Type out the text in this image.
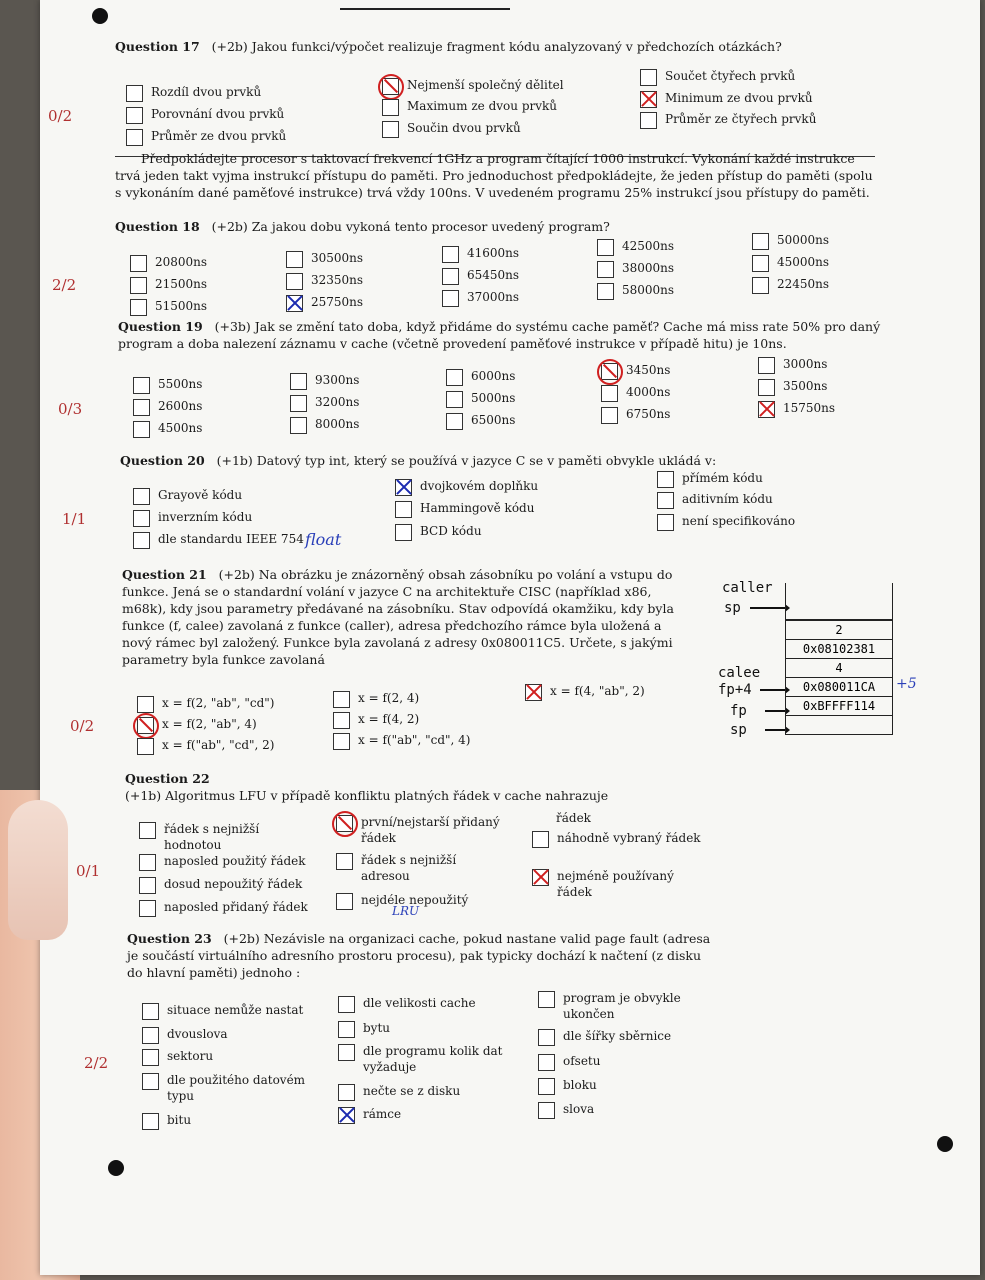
Question 17 (+2b) Jakou funkci/výpočet realizuje fragment kódu analyzovaný v předchozích otázkách?
0/2
Rozdíl dvou prvků
Porovnání dvou prvků
Průměr ze dvou prvků
Nejmenší společný dělitel
Maximum ze dvou prvků
Součin dvou prvků
Součet čtyřech prvků
Minimum ze dvou prvků
Průměr ze čtyřech prvků
Předpokládejte procesor s taktovací frekvencí 1GHz a program čítající 1000 instrukcí. Vykonání každé instrukce trvá jeden takt vyjma instrukcí přístupu do paměti. Pro jednoduchost předpokládejte, že jeden přístup do paměti (spolu s vykonáním dané paměťové instrukce) trvá vždy 100ns. V uvedeném programu 25% instrukcí jsou přístupy do paměti.
Question 18 (+2b) Za jakou dobu vykoná tento procesor uvedený program?
2/2
20800ns
21500ns
51500ns
30500ns
32350ns
25750ns
41600ns
65450ns
37000ns
42500ns
38000ns
58000ns
50000ns
45000ns
22450ns
Question 19 (+3b) Jak se změní tato doba, když přidáme do systému cache paměť? Cache má miss rate 50% pro daný program a doba nalezení záznamu v cache (včetně provedení paměťové instrukce v případě hitu) je 10ns.
0/3
5500ns
2600ns
4500ns
9300ns
3200ns
8000ns
6000ns
5000ns
6500ns
3450ns
4000ns
6750ns
3000ns
3500ns
15750ns
Question 20 (+1b) Datový typ int, který se používá v jazyce C se v paměti obvykle ukládá v:
1/1
Grayově kódu
inverzním kódu
dle standardu IEEE 754
dvojkovém doplňku
Hammingově kódu
BCD kódu
přímém kódu
aditivním kódu
není specifikováno
float
Question 21 (+2b) Na obrázku je znázorněný obsah zásobníku po volání a vstupu do funkce. Jená se o standardní volání v jazyce C na architektuře CISC (například x86, m68k), kdy jsou parametry předávané na zásobníku. Stav odpovídá okamžiku, kdy byla funkce (f, calee) zavolaná z funkce (caller), adresa předchozího rámce byla uložená a nový rámec byl založený. Funkce byla zavolaná z adresy 0x080011C5. Určete, s jakými parametry byla funkce zavolaná
0/2
x = f(2, "ab", "cd")
x = f(2, "ab", 4)
x = f("ab", "cd", 2)
x = f(2, 4)
x = f(4, 2)
x = f("ab", "cd", 4)
x = f(4, "ab", 2)
caller
sp
calee
fp+4
fp
sp
2
0x08102381
4
0x080011CA
0xBFFFF114
+5
Question 22
(+1b) Algoritmus LFU v případě konfliktu platných řádek v cache nahrazuje
0/1
řádek s nejnižší hodnotou
naposled použitý řádek
dosud nepoužitý řádek
naposled přidaný řádek
první/nejstarší přidaný řádek
řádek s nejnižší adresou
nejdéle nepoužitý
řádek
náhodně vybraný řádek
nejméně používaný řádek
LRU
Question 23 (+2b) Nezávisle na organizaci cache, pokud nastane valid page fault (adresa je součástí virtuálního adresního prostoru procesu), pak typicky dochází k načtení (z disku do hlavní paměti) jednoho :
2/2
situace nemůže nastat
dvouslova
sektoru
dle použitého datovém typu
bitu
dle velikosti cache
bytu
dle programu kolik dat vyžaduje
nečte se z disku
rámce
program je obvykle ukončen
dle šířky sběrnice
ofsetu
bloku
slova
